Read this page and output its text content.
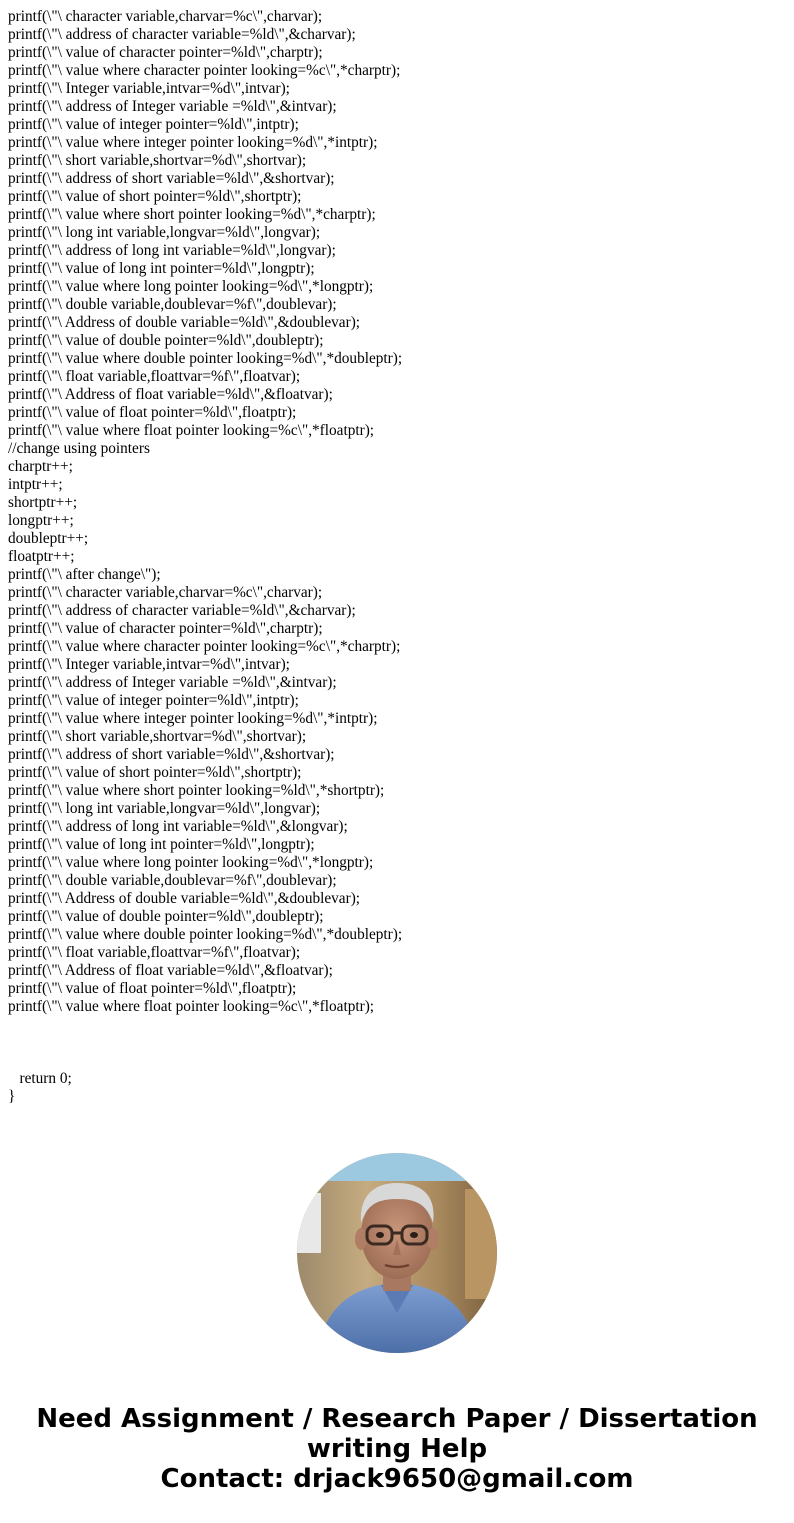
printf(\"\ character variable,charvar=%c\",charvar);
printf(\"\ address of character variable=%ld\",&charvar);
printf(\"\ value of character pointer=%ld\",charptr);
printf(\"\ value where character pointer looking=%c\",*charptr);
printf(\"\ Integer variable,intvar=%d\",intvar);
printf(\"\ address of Integer variable =%ld\",&intvar);
printf(\"\ value of integer pointer=%ld\",intptr);
printf(\"\ value where integer pointer looking=%d\",*intptr);
printf(\"\ short variable,shortvar=%d\",shortvar);
printf(\"\ address of short variable=%ld\",&shortvar);
printf(\"\ value of short pointer=%ld\",shortptr);
printf(\"\ value where short pointer looking=%d\",*charptr);
printf(\"\ long int variable,longvar=%ld\",longvar);
printf(\"\ address of long int variable=%ld\",longvar);
printf(\"\ value of long int pointer=%ld\",longptr);
printf(\"\ value where long pointer looking=%d\",*longptr);
printf(\"\ double variable,doublevar=%f\",doublevar);
printf(\"\ Address of double variable=%ld\",&doublevar);
printf(\"\ value of double pointer=%ld\",doubleptr);
printf(\"\ value where double pointer looking=%d\",*doubleptr);
printf(\"\ float variable,floattvar=%f\",floatvar);
printf(\"\ Address of float variable=%ld\",&floatvar);
printf(\"\ value of float pointer=%ld\",floatptr);
printf(\"\ value where float pointer looking=%c\",*floatptr);
//change using pointers
charptr++;
intptr++;
shortptr++;
longptr++;
doubleptr++;
floatptr++;
printf(\"\ after change\");
printf(\"\ character variable,charvar=%c\",charvar);
printf(\"\ address of character variable=%ld\",&charvar);
printf(\"\ value of character pointer=%ld\",charptr);
printf(\"\ value where character pointer looking=%c\",*charptr);
printf(\"\ Integer variable,intvar=%d\",intvar);
printf(\"\ address of Integer variable =%ld\",&intvar);
printf(\"\ value of integer pointer=%ld\",intptr);
printf(\"\ value where integer pointer looking=%d\",*intptr);
printf(\"\ short variable,shortvar=%d\",shortvar);
printf(\"\ address of short variable=%ld\",&shortvar);
printf(\"\ value of short pointer=%ld\",shortptr);
printf(\"\ value where short pointer looking=%ld\",*shortptr);
printf(\"\ long int variable,longvar=%ld\",longvar);
printf(\"\ address of long int variable=%ld\",&longvar);
printf(\"\ value of long int pointer=%ld\",longptr);
printf(\"\ value where long pointer looking=%d\",*longptr);
printf(\"\ double variable,doublevar=%f\",doublevar);
printf(\"\ Address of double variable=%ld\",&doublevar);
printf(\"\ value of double pointer=%ld\",doubleptr);
printf(\"\ value where double pointer looking=%d\",*doubleptr);
printf(\"\ float variable,floattvar=%f\",floatvar);
printf(\"\ Address of float variable=%ld\",&floatvar);
printf(\"\ value of float pointer=%ld\",floatptr);
printf(\"\ value where float pointer looking=%c\",*floatptr);
return 0;
}
Need Assignment / Research Paper / Dissertation
writing Help
Contact: drjack9650@gmail.com
